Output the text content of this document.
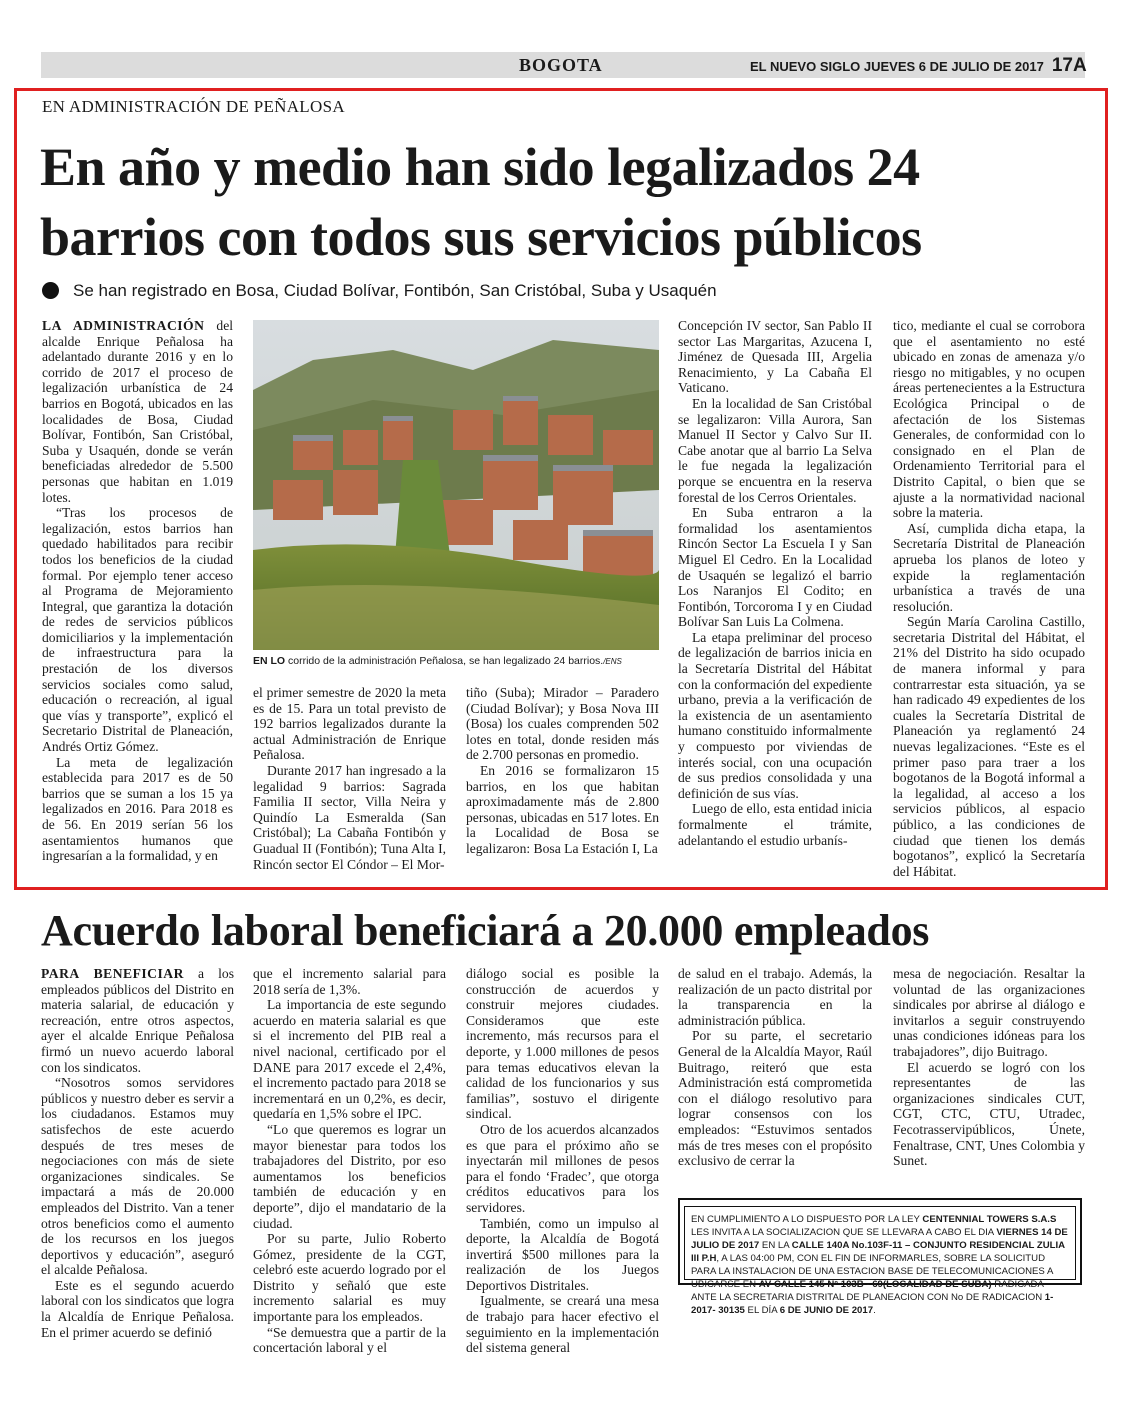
BOGOTA	EL NUEVO SIGLO JUEVES 6 DE JULIO DE 2017 17A
EN ADMINISTRACIÓN DE PEÑALOSA
En año y medio han sido legalizados 24
barrios con todos sus servicios públicos
Se han registrado en Bosa, Ciudad Bolívar, Fontibón, San Cristóbal, Suba y Usaquén

LA ADMINISTRACIÓN del alcalde Enrique Peñalosa ha adelantado durante 2016 y en lo corrido de 2017 el proceso de legalización urbanística de 24 barrios en Bogotá, ubicados en las localidades de Bosa, Ciudad Bolívar, Fontibón, San Cristóbal, Suba y Usaquén, donde se verán beneficiadas alrededor de 5.500 personas que habitan en 1.019 lotes.

“Tras los procesos de legalización, estos barrios han quedado habilitados para recibir todos los beneficios de la ciudad formal. Por ejemplo tener acceso al Programa de Mejoramiento Integral, que garantiza la dotación de redes de servicios públicos domiciliarios y la implementación de infraestructura para la prestación de los diversos servicios sociales como salud, educación o recreación, al igual que vías y transporte”, explicó el Secretario Distrital de Planeación, Andrés Ortiz Gómez.

La meta de legalización establecida para 2017 es de 50 barrios que se suman a los 15 ya legalizados en 2016. Para 2018 es de 56. En 2019 serían 56 los asentamientos humanos que ingresarían a la formalidad, y en

EN LO corrido de la administración Peñalosa, se han legalizado 24 barrios./ENS

el primer semestre de 2020 la meta es de 15. Para un total previsto de 192 barrios legalizados durante la actual Administración de Enrique Peñalosa.

Durante 2017 han ingresado a la legalidad 9 barrios: Sagrada Familia II sector, Villa Neira y Quindío La Esmeralda (San Cristóbal); La Cabaña Fontibón y Guadual II (Fontibón); Tuna Alta I, Rincón sector El Cóndor – El Mor-

tiño (Suba); Mirador – Paradero (Ciudad Bolívar); y Bosa Nova III (Bosa) los cuales comprenden 502 lotes en total, donde residen más de 2.700 personas en promedio.

En 2016 se formalizaron 15 barrios, en los que habitan aproximadamente más de 2.800 personas, ubicadas en 517 lotes. En la Localidad de Bosa se legalizaron: Bosa La Estación I, La

Concepción IV sector, San Pablo II sector Las Margaritas, Azucena I, Jiménez de Quesada III, Argelia Renacimiento, y La Cabaña El Vaticano.

En la localidad de San Cristóbal se legalizaron: Villa Aurora, San Manuel II Sector y Calvo Sur II. Cabe anotar que al barrio La Selva le fue negada la legalización porque se encuentra en la reserva forestal de los Cerros Orientales.

En Suba entraron a la formalidad los asentamientos Rincón Sector La Escuela I y San Miguel El Cedro. En la Localidad de Usaquén se legalizó el barrio Los Naranjos El Codito; en Fontibón, Torcoroma I y en Ciudad Bolívar San Luis La Colmena.

La etapa preliminar del proceso de legalización de barrios inicia en la Secretaría Distrital del Hábitat con la conformación del expediente urbano, previa a la verificación de la existencia de un asentamiento humano constituido informalmente y compuesto por viviendas de interés social, con una ocupación de sus predios consolidada y una definición de sus vías.

Luego de ello, esta entidad inicia formalmente el trámite, adelantando el estudio urbanís-

tico, mediante el cual se corrobora que el asentamiento no esté ubicado en zonas de amenaza y/o riesgo no mitigables, y no ocupen áreas pertenecientes a la Estructura Ecológica Principal o de afectación de los Sistemas Generales, de conformidad con lo consignado en el Plan de Ordenamiento Territorial para el Distrito Capital, o bien que se ajuste a la normatividad nacional sobre la materia.

Así, cumplida dicha etapa, la Secretaría Distrital de Planeación aprueba los planos de loteo y expide la reglamentación urbanística a través de una resolución.

Según María Carolina Castillo, secretaria Distrital del Hábitat, el 21% del Distrito ha sido ocupado de manera informal y para contrarrestar esta situación, ya se han radicado 49 expedientes de los cuales la Secretaría Distrital de Planeación ya reglamentó 24 nuevas legalizaciones. “Este es el primer paso para traer a los bogotanos de la Bogotá informal a la legalidad, al acceso a los servicios públicos, al espacio público, a las condiciones de ciudad que tienen los demás bogotanos”, explicó la Secretaría del Hábitat.

Acuerdo laboral beneficiará a 20.000 empleados

PARA BENEFICIAR a los empleados públicos del Distrito en materia salarial, de educación y recreación, entre otros aspectos, ayer el alcalde Enrique Peñalosa firmó un nuevo acuerdo laboral con los sindicatos.

“Nosotros somos servidores públicos y nuestro deber es servir a los ciudadanos. Estamos muy satisfechos de este acuerdo después de tres meses de negociaciones con más de siete organizaciones sindicales. Se impactará a más de 20.000 empleados del Distrito. Van a tener otros beneficios como el aumento de los recursos en los juegos deportivos y educación”, aseguró el alcalde Peñalosa.

Este es el segundo acuerdo laboral con los sindicatos que logra la Alcaldía de Enrique Peñalosa. En el primer acuerdo se definió

que el incremento salarial para 2018 sería de 1,3%.

La importancia de este segundo acuerdo en materia salarial es que si el incremento del PIB real a nivel nacional, certificado por el DANE para 2017 excede el 2,4%, el incremento pactado para 2018 se incrementará en un 0,2%, es decir, quedaría en 1,5% sobre el IPC.

“Lo que queremos es lograr un mayor bienestar para todos los trabajadores del Distrito, por eso aumentamos los beneficios también de educación y en deporte”, dijo el mandatario de la ciudad.

Por su parte, Julio Roberto Gómez, presidente de la CGT, celebró este acuerdo logrado por el Distrito y señaló que este incremento salarial es muy importante para los empleados.

“Se demuestra que a partir de la concertación laboral y el

diálogo social es posible la construcción de acuerdos y construir mejores ciudades. Consideramos que este incremento, más recursos para el deporte, y 1.000 millones de pesos para temas educativos elevan la calidad de los funcionarios y sus familias”, sostuvo el dirigente sindical.

Otro de los acuerdos alcanzados es que para el próximo año se inyectarán mil millones de pesos para el fondo ‘Fradec’, que otorga créditos educativos para los servidores.

También, como un impulso al deporte, la Alcaldía de Bogotá invertirá $500 millones para la realización de los Juegos Deportivos Distritales.

Igualmente, se creará una mesa de trabajo para hacer efectivo el seguimiento en la implementación del sistema general

de salud en el trabajo. Además, la realización de un pacto distrital por la transparencia en la administración pública.

Por su parte, el secretario General de la Alcaldía Mayor, Raúl Buitrago, reiteró que esta Administración está comprometida con el diálogo resolutivo para lograr consensos con los empleados: “Estuvimos sentados más de tres meses con el propósito exclusivo de cerrar la

mesa de negociación. Resaltar la voluntad de las organizaciones sindicales por abrirse al diálogo e invitarlos a seguir construyendo unas condiciones idóneas para los trabajadores”, dijo Buitrago.

El acuerdo se logró con los representantes de las organizaciones sindicales CUT, CGT, CTC, CTU, Utradec, Fecotrasservipúblicos, Únete, Fenaltrase, CNT, Unes Colombia y Sunet.

EN CUMPLIMIENTO A LO DISPUESTO POR LA LEY CENTENNIAL TOWERS S.A.S LES INVITA A LA SOCIALIZACION QUE SE LLEVARA A CABO EL DIA VIERNES 14 DE JULIO DE 2017 EN LA CALLE 140A No.103F-11 – CONJUNTO RESIDENCIAL ZULIA III P.H, A LAS 04:00 PM, CON EL FIN DE INFORMARLES, SOBRE LA SOLICITUD PARA LA INSTALACION DE UNA ESTACION BASE DE TELECOMUNICACIONES A UBICARSE EN AV CALLE 145 N° 103B - 69(LOCALIDAD DE SUBA) RADICADA ANTE LA SECRETARIA DISTRITAL DE PLANEACION CON No DE RADICACION 1-2017- 30135 EL DÍA 6 DE JUNIO DE 2017.
